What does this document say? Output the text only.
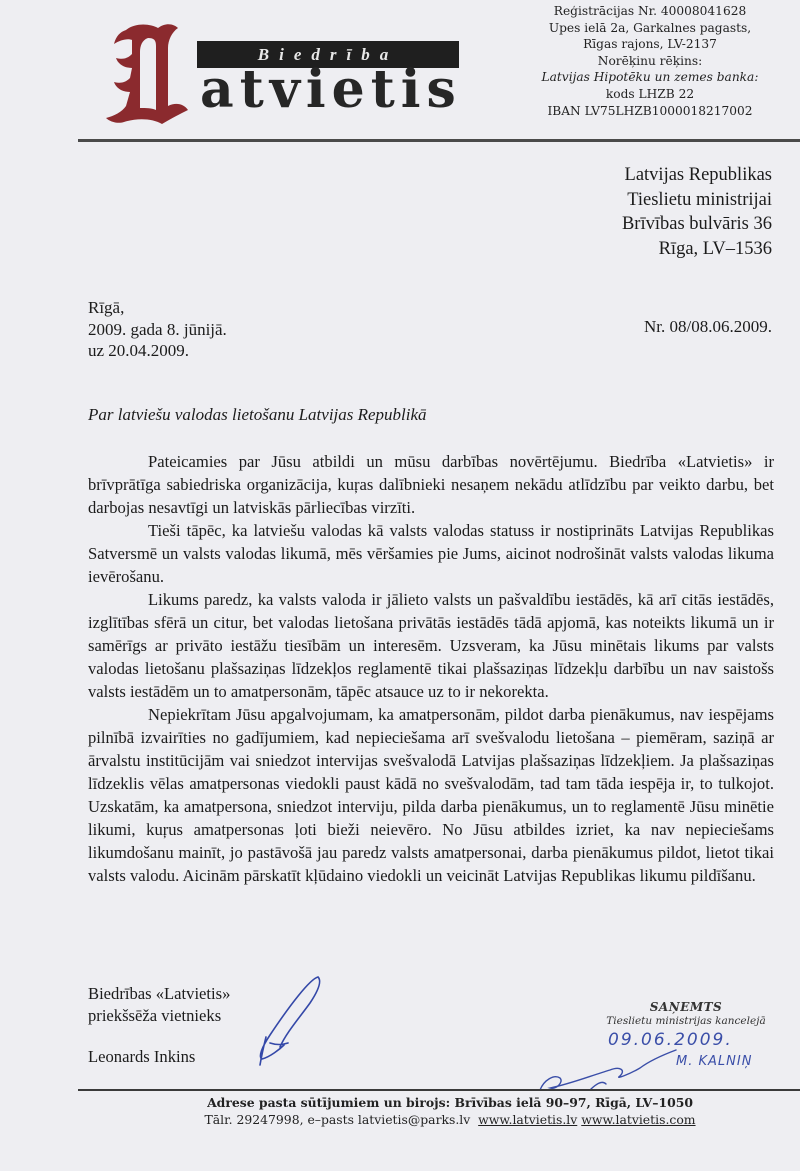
Biedrība
atvietis
Reģistrācijas Nr. 40008041628
Upes ielā 2a, Garkalnes pagasts,
Rīgas rajons, LV-2137
Norēķinu rēķins:
Latvijas Hipotēku un zemes banka:
kods LHZB 22
IBAN LV75LHZB1000018217002
Latvijas Republikas
Tieslietu ministrijai
Brīvības bulvāris 36
Rīga, LV–1536
Rīgā,
2009. gada 8. jūnijā.
uz 20.04.2009.
Nr. 08/08.06.2009.
Par latviešu valodas lietošanu Latvijas Republikā

Pateicamies par Jūsu atbildi un mūsu darbības novērtējumu. Biedrība «Latvietis» ir brīvprātīga sabiedriska organizācija, kuŗas dalībnieki nesaņem nekādu atlīdzību par veikto darbu, bet darbojas nesavtīgi un latviskās pārliecības virzīti.

Tieši tāpēc, ka latviešu valodas kā valsts valodas statuss ir nostiprināts Latvijas Republikas Satversmē un valsts valodas likumā, mēs vēršamies pie Jums, aicinot nodrošināt valsts valodas likuma ievērošanu.

Likums paredz, ka valsts valoda ir jālieto valsts un pašvaldību iestādēs, kā arī citās iestādēs, izglītības sfērā un citur, bet valodas lietošana privātās iestādēs tādā apjomā, kas noteikts likumā un ir samērīgs ar privāto iestāžu tiesībām un interesēm. Uzsveram, ka Jūsu minētais likums par valsts valodas lietošanu plašsaziņas līdzekļos reglamentē tikai plašsaziņas līdzekļu darbību un nav saistošs valsts iestādēm un to amatpersonām, tāpēc atsauce uz to ir nekorekta.

Nepiekrītam Jūsu apgalvojumam, ka amatpersonām, pildot darba pienākumus, nav iespējams pilnībā izvairīties no gadījumiem, kad nepieciešama arī svešvalodu lietošana – piemēram, saziņā ar ārvalstu institūcijām vai sniedzot intervijas svešvalodā Latvijas plašsaziņas līdzekļiem. Ja plašsaziņas līdzeklis vēlas amatpersonas viedokli paust kādā no svešvalodām, tad tam tāda iespēja ir, to tulkojot. Uzskatām, ka amatpersona, sniedzot interviju, pilda darba pienākumus, un to reglamentē Jūsu minētie likumi, kuŗus amatpersonas ļoti bieži neievēro. No Jūsu atbildes izriet, ka nav nepieciešams likumdošanu mainīt, jo pastāvošā jau paredz valsts amatpersonai, darba pienākumus pildot, lietot tikai valsts valodu. Aicinām pārskatīt kļūdaino viedokli un veicināt Latvijas Republikas likumu pildīšanu.

Biedrības «Latvietis»
priekšsēža vietnieks
Leonards Inkins
SAŅEMTS
Tieslietu ministrijas kancelejā
09.06.2009.
M. KALNIŅ
Adrese pasta sūtījumiem un birojs: Brīvības ielā 90–97, Rīgā, LV–1050
Tālr. 29247998, e–pasts latvietis@parks.lv www.latvietis.lv www.latvietis.com
